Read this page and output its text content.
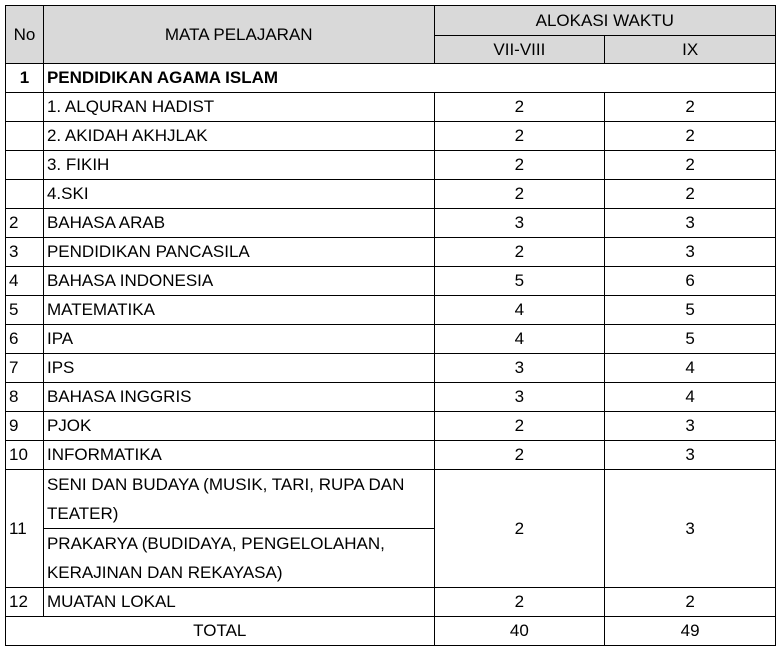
No	MATA PELAJARAN	ALOKASI WAKTU	
		VII-VIII	IX
1	PENDIDIKAN AGAMA ISLAM		
	1. ALQURAN HADIST	2	2
	2. AKIDAH AKHJLAK	2	2
	3. FIKIH	2	2
	4.SKI	2	2
2	BAHASA ARAB	3	3
3	PENDIDIKAN PANCASILA	2	3
4	BAHASA INDONESIA	5	6
5	MATEMATIKA	4	5
6	IPA	4	5
7	IPS	3	4
8	BAHASA INGGRIS	3	4
9	PJOK	2	3
10	INFORMATIKA	2	3
11	SENI DAN BUDAYA (MUSIK, TARI, RUPA DAN TEATER)	2	3
	PRAKARYA (BUDIDAYA, PENGELOLAHAN, KERAJINAN DAN REKAYASA)		
12	MUATAN LOKAL	2	2
TOTAL		40	49
